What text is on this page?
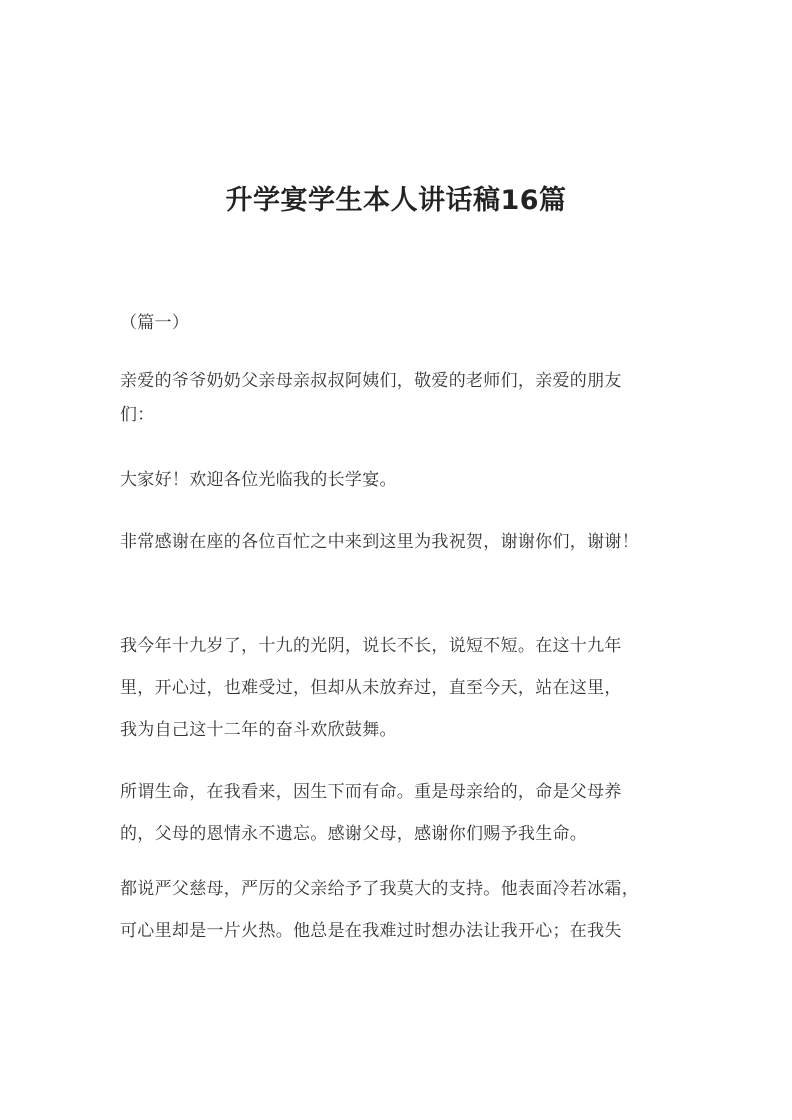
升学宴学生本人讲话稿16篇

（篇一）

亲爱的爷爷奶奶父亲母亲叔叔阿姨们，敬爱的老师们，亲爱的朋友
们：

大家好！欢迎各位光临我的长学宴。

非常感谢在座的各位百忙之中来到这里为我祝贺，谢谢你们，谢谢！

我今年十九岁了，十九的光阴，说长不长，说短不短。在这十九年
里，开心过，也难受过，但却从未放弃过，直至今天，站在这里，
我为自己这十二年的奋斗欢欣鼓舞。

所谓生命，在我看来，因生下而有命。重是母亲给的，命是父母养
的，父母的恩情永不遗忘。感谢父母，感谢你们赐予我生命。

都说严父慈母，严厉的父亲给予了我莫大的支持。他表面冷若冰霜，
可心里却是一片火热。他总是在我难过时想办法让我开心；在我失
